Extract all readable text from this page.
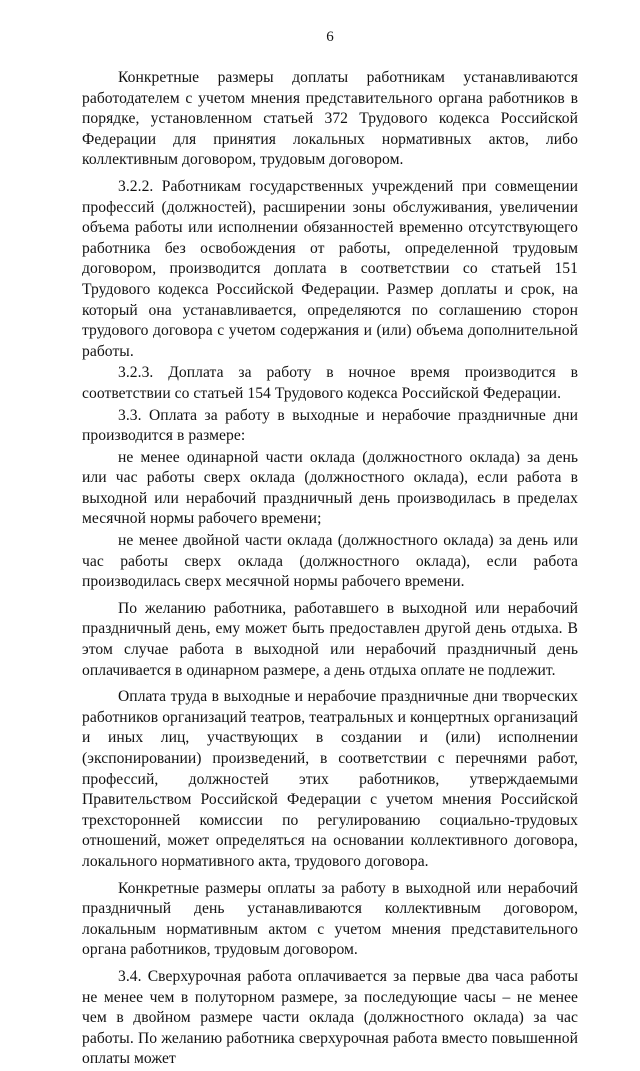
6

Конкретные размеры доплаты работникам устанавливаются работодателем с учетом мнения представительного органа работников в порядке, установленном статьей 372 Трудового кодекса Российской Федерации для принятия локальных нормативных актов, либо коллективным договором, трудовым договором.

3.2.2. Работникам государственных учреждений при совмещении профессий (должностей), расширении зоны обслуживания, увеличении объема работы или исполнении обязанностей временно отсутствующего работника без освобождения от работы, определенной трудовым договором, производится доплата в соответствии со статьей 151 Трудового кодекса Российской Федерации. Размер доплаты и срок, на который она устанавливается, определяются по соглашению сторон трудового договора с учетом содержания и (или) объема дополнительной работы.

3.2.3. Доплата за работу в ночное время производится в соответствии со статьей 154 Трудового кодекса Российской Федерации.

3.3. Оплата за работу в выходные и нерабочие праздничные дни производится в размере:

не менее одинарной части оклада (должностного оклада) за день или час работы сверх оклада (должностного оклада), если работа в выходной или нерабочий праздничный день производилась в пределах месячной нормы рабочего времени;

не менее двойной части оклада (должностного оклада) за день или час работы сверх оклада (должностного оклада), если работа производилась сверх месячной нормы рабочего времени.

По желанию работника, работавшего в выходной или нерабочий праздничный день, ему может быть предоставлен другой день отдыха. В этом случае работа в выходной или нерабочий праздничный день оплачивается в одинарном размере, а день отдыха оплате не подлежит.

Оплата труда в выходные и нерабочие праздничные дни творческих работников организаций театров, театральных и концертных организаций и иных лиц, участвующих в создании и (или) исполнении (экспонировании) произведений, в соответствии с перечнями работ, профессий, должностей этих работников, утверждаемыми Правительством Российской Федерации с учетом мнения Российской трехсторонней комиссии по регулированию социально-трудовых отношений, может определяться на основании коллективного договора, локального нормативного акта, трудового договора.

Конкретные размеры оплаты за работу в выходной или нерабочий праздничный день устанавливаются коллективным договором, локальным нормативным актом с учетом мнения представительного органа работников, трудовым договором.

3.4. Сверхурочная работа оплачивается за первые два часа работы не менее чем в полуторном размере, за последующие часы – не менее чем в двойном размере части оклада (должностного оклада) за час работы. По желанию работника сверхурочная работа вместо повышенной оплаты может
